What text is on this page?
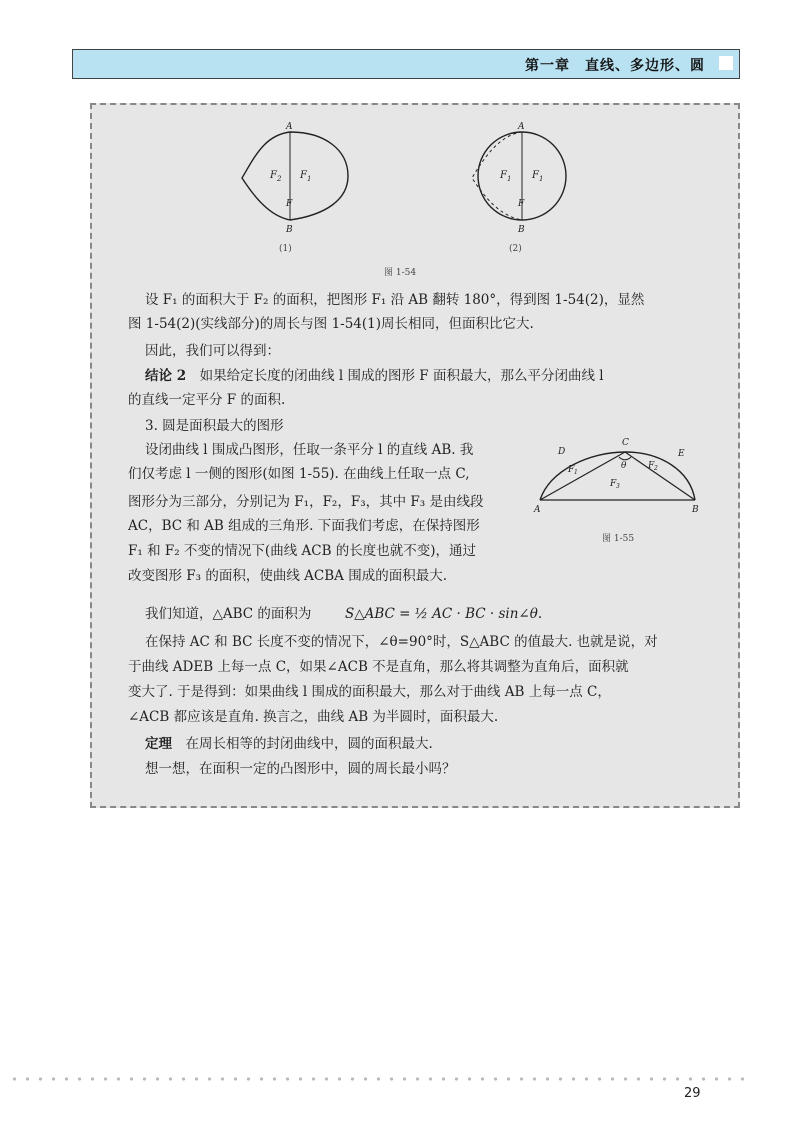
第一章　直线、多边形、圆
A
B
F
F 2 F 1
(1)
A
B
F
F 1 F 1
(2)
图 1-54
设 F₁ 的面积大于 F₂ 的面积，把图形 F₁ 沿 AB 翻转 180°，得到图 1-54(2)，显然
图 1-54(2)(实线部分)的周长与图 1-54(1)周长相同，但面积比它大.
因此，我们可以得到：
结论 2　如果给定长度的闭曲线 l 围成的图形 F 面积最大，那么平分闭曲线 l
的直线一定平分 F 的面积.
3. 圆是面积最大的图形
设闭曲线 l 围成凸图形，任取一条平分 l 的直线 AB. 我
们仅考虑 l 一侧的图形(如图 1-55). 在曲线上任取一点 C,
图形分为三部分，分别记为 F₁，F₂，F₃，其中 F₃ 是由线段
AC，BC 和 AB 组成的三角形. 下面我们考虑，在保持图形
F₁ 和 F₂ 不变的情况下(曲线 ACB 的长度也就不变)，通过
改变图形 F₃ 的面积，使曲线 ACBA 围成的面积最大.
A	B
C
D	E
θ
F 1
F 2
F 3
图 1-55
我们知道，△ABC 的面积为 S△ABC = ½ AC · BC · sin∠θ.
在保持 AC 和 BC 长度不变的情况下，∠θ=90°时，S△ABC 的值最大. 也就是说，对
于曲线 ADEB 上每一点 C，如果∠ACB 不是直角，那么将其调整为直角后，面积就
变大了. 于是得到：如果曲线 l 围成的面积最大，那么对于曲线 AB 上每一点 C，
∠ACB 都应该是直角. 换言之，曲线 AB 为半圆时，面积最大.
定理　在周长相等的封闭曲线中，圆的面积最大.
想一想，在面积一定的凸图形中，圆的周长最小吗？
29
